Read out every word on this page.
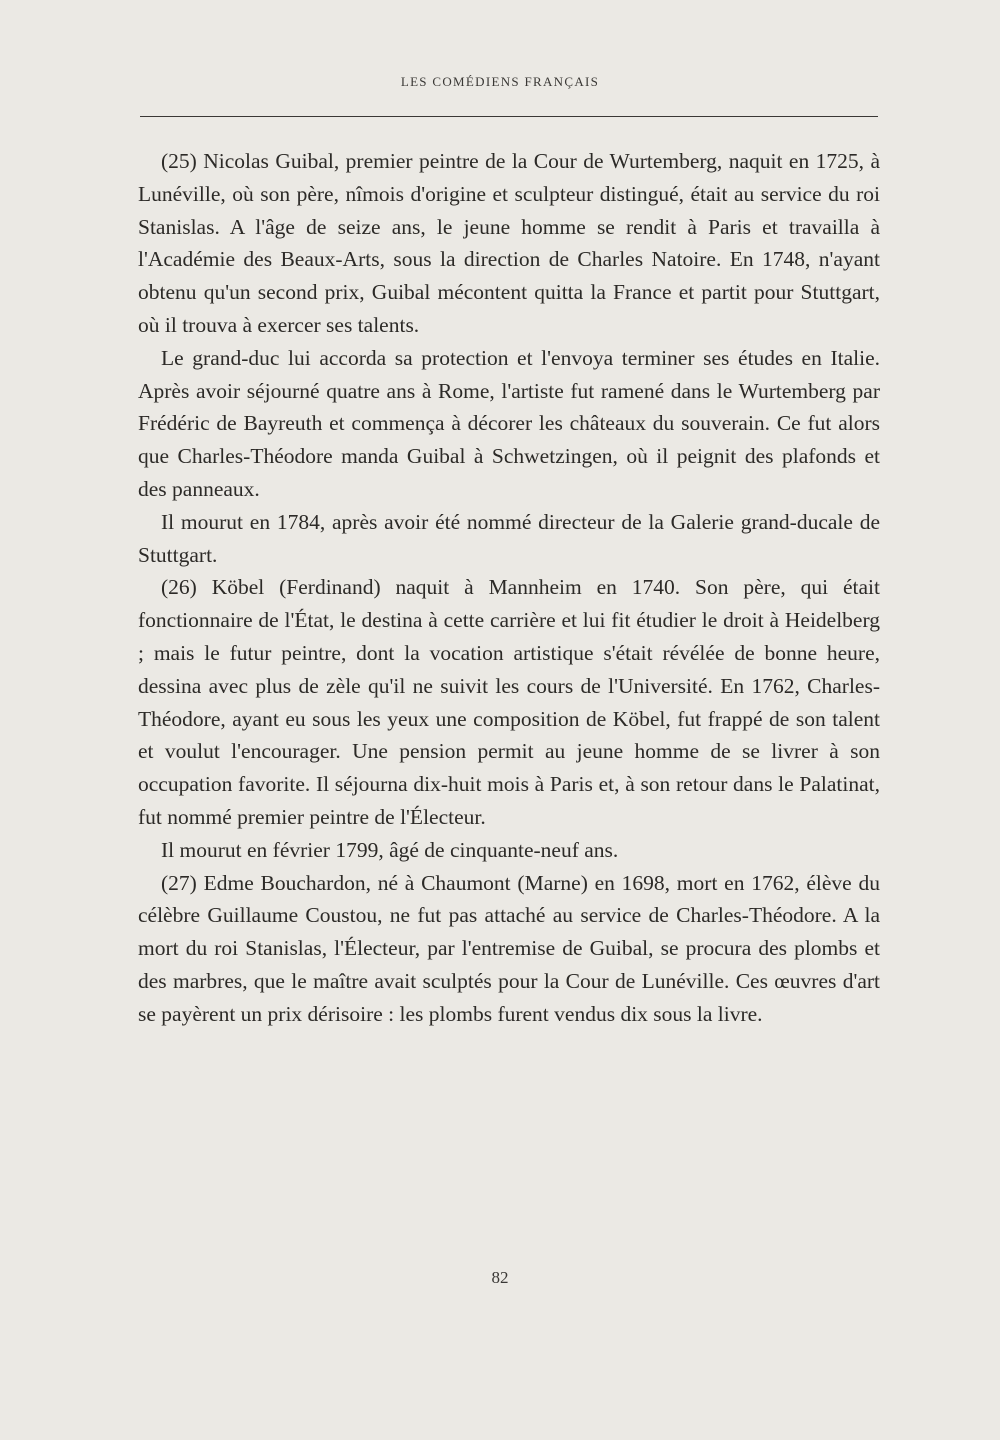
LES COMÉDIENS FRANÇAIS

(25) Nicolas Guibal, premier peintre de la Cour de Wurtemberg, naquit en 1725, à Lunéville, où son père, nîmois d'origine et sculpteur distingué, était au service du roi Stanislas. A l'âge de seize ans, le jeune homme se rendit à Paris et travailla à l'Académie des Beaux-Arts, sous la direction de Charles Natoire. En 1748, n'ayant obtenu qu'un second prix, Guibal mécontent quitta la France et partit pour Stuttgart, où il trouva à exercer ses talents.

Le grand-duc lui accorda sa protection et l'envoya terminer ses études en Italie. Après avoir séjourné quatre ans à Rome, l'artiste fut ramené dans le Wurtemberg par Frédéric de Bayreuth et commença à décorer les châteaux du souverain. Ce fut alors que Charles-Théodore manda Guibal à Schwetzingen, où il peignit des plafonds et des panneaux.

Il mourut en 1784, après avoir été nommé directeur de la Galerie grand-ducale de Stuttgart.

(26) Köbel (Ferdinand) naquit à Mannheim en 1740. Son père, qui était fonctionnaire de l'État, le destina à cette carrière et lui fit étudier le droit à Heidelberg ; mais le futur peintre, dont la vocation artistique s'était révélée de bonne heure, dessina avec plus de zèle qu'il ne suivit les cours de l'Université. En 1762, Charles-Théodore, ayant eu sous les yeux une composition de Köbel, fut frappé de son talent et voulut l'encourager. Une pension permit au jeune homme de se livrer à son occupation favorite. Il séjourna dix-huit mois à Paris et, à son retour dans le Palatinat, fut nommé premier peintre de l'Électeur.

Il mourut en février 1799, âgé de cinquante-neuf ans.

(27) Edme Bouchardon, né à Chaumont (Marne) en 1698, mort en 1762, élève du célèbre Guillaume Coustou, ne fut pas attaché au service de Charles-Théodore. A la mort du roi Stanislas, l'Électeur, par l'entremise de Guibal, se procura des plombs et des marbres, que le maître avait sculptés pour la Cour de Lunéville. Ces œuvres d'art se payèrent un prix dérisoire : les plombs furent vendus dix sous la livre.

82
